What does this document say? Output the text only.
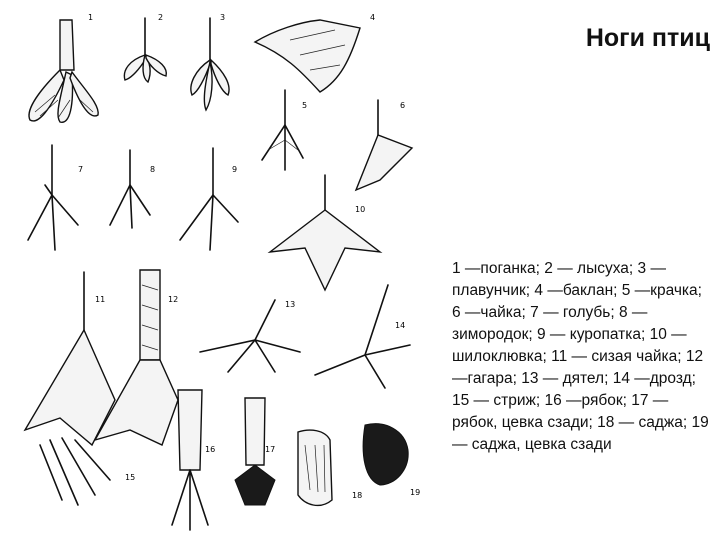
1	2	3	4
5	6
7	8	9
10
11	12
13
14
15
16	17
18	19
Ноги птиц
1 —поганка; 2 — лысуха; 3 — плавунчик; 4 —баклан; 5 —крачка; 6 —чайка; 7 — голубь; 8 —зимородок; 9 — куропатка; 10 — шилоклювка; 11 — сизая чайка; 12 —гагара; 13 — дятел; 14 —дрозд; 15 — стриж; 16 —рябок; 17 — рябок, цевка сзади; 18 — саджа; 19 — саджа, цевка сзади
